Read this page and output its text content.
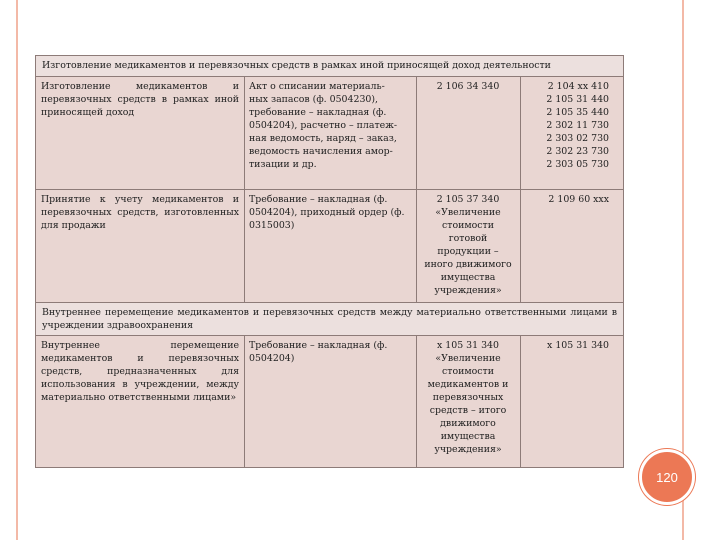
Изготовление медикаментов и перевязочных средств в рамках иной приносящей доход деятельности
Изготовление медикаментов и перевязочных средств в рамках иной приносящей доход
Акт о списании материаль-
ных запасов (ф. 0504230),
требование – накладная (ф.
0504204), расчетно – платеж-
ная ведомость, наряд – заказ,
ведомость начисления амор-
тизации и др.
2 106 34 340	2 104 хх 410
2 105 31 440
2 105 35 440
2 302 11 730
2 303 02 730
2 302 23 730
2 303 05 730
Принятие к учету медикаментов и перевязочных средств, изготовленных для продажи
Требование – накладная (ф.
0504204), приходный ордер (ф.
0315003)
2 105 37 340
«Увеличение
стоимости
готовой
продукции –
иного движимого
имущества
учреждения»
2 109 60 ххх
Внутреннее перемещение медикаментов и перевязочных средств между материально ответственными лицами в учреждении здравоохранения
Внутреннее перемещение медикаментов и перевязочных средств, предназначенных для использования в учреждении, между материально ответственными лицами»
Требование – накладная (ф.
0504204)
х 105 31 340
«Увеличение
стоимости
медикаментов и
перевязочных
средств – итого
движимого
имущества
учреждения»
х 105 31 340
120
